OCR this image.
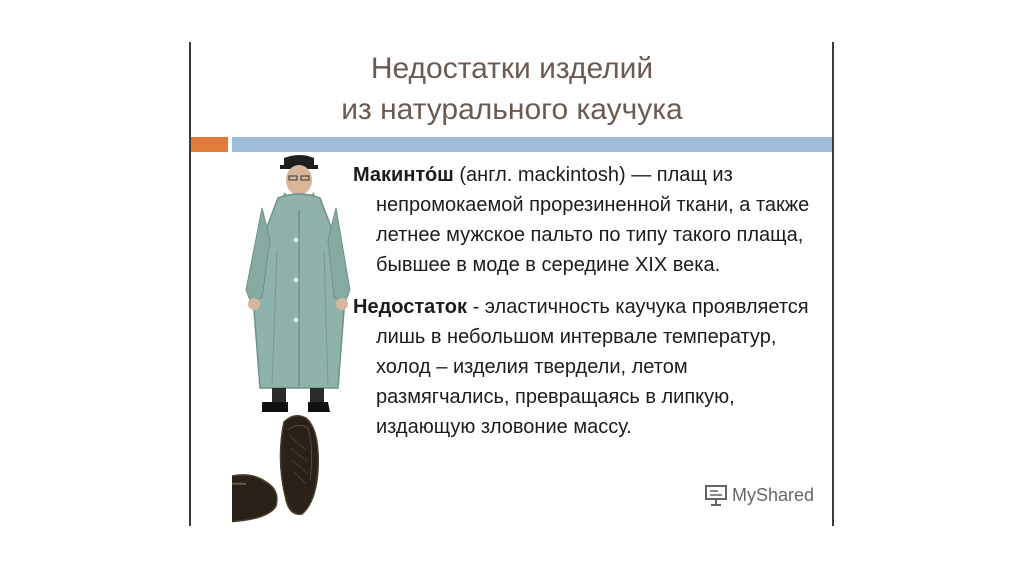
Недостатки изделий
из натурального каучука

Макинто́ш (англ. mackintosh) — плащ из непромокаемой прорезиненной ткани, а также летнее мужское пальто по типу такого плаща, бывшее в моде в середине XIX века.

Недостаток - эластичность каучука проявляется лишь в небольшом интервале температур, холод – изделия твердели, летом размягчались, превращаясь в липкую, издающую зловоние массу.

MyShared
